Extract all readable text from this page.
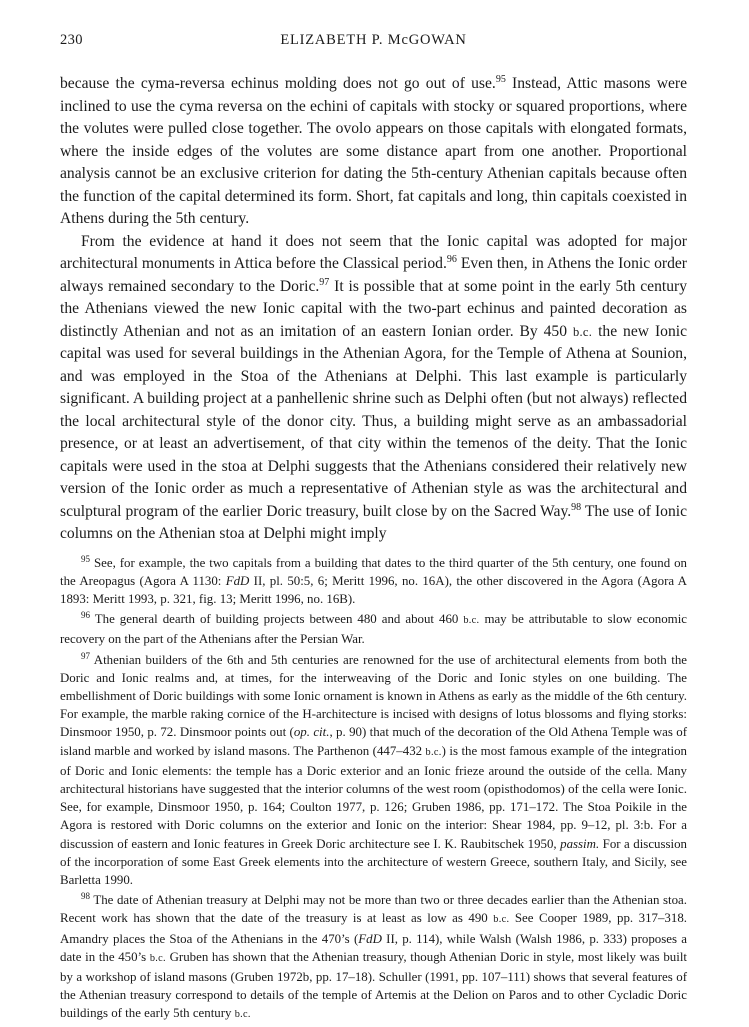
230	ELIZABETH P. McGOWAN

because the cyma-reversa echinus molding does not go out of use.$^{95}$ Instead, Attic masons were inclined to use the cyma reversa on the echini of capitals with stocky or squared proportions, where the volutes were pulled close together. The ovolo appears on those capitals with elongated formats, where the inside edges of the volutes are some distance apart from one another. Proportional analysis cannot be an exclusive criterion for dating the 5th-century Athenian capitals because often the function of the capital determined its form. Short, fat capitals and long, thin capitals coexisted in Athens during the 5th century.

From the evidence at hand it does not seem that the Ionic capital was adopted for major architectural monuments in Attica before the Classical period.$^{96}$ Even then, in Athens the Ionic order always remained secondary to the Doric.$^{97}$ It is possible that at some point in the early 5th century the Athenians viewed the new Ionic capital with the two-part echinus and painted decoration as distinctly Athenian and not as an imitation of an eastern Ionian order. By 450 b.c. the new Ionic capital was used for several buildings in the Athenian Agora, for the Temple of Athena at Sounion, and was employed in the Stoa of the Athenians at Delphi. This last example is particularly significant. A building project at a panhellenic shrine such as Delphi often (but not always) reflected the local architectural style of the donor city. Thus, a building might serve as an ambassadorial presence, or at least an advertisement, of that city within the temenos of the deity. That the Ionic capitals were used in the stoa at Delphi suggests that the Athenians considered their relatively new version of the Ionic order as much a representative of Athenian style as was the architectural and sculptural program of the earlier Doric treasury, built close by on the Sacred Way.$^{98}$ The use of Ionic columns on the Athenian stoa at Delphi might imply

$^{95}$ See, for example, the two capitals from a building that dates to the third quarter of the 5th century, one found on the Areopagus (Agora A 1130: FdD II, pl. 50:5, 6; Meritt 1996, no. 16A), the other discovered in the Agora (Agora A 1893: Meritt 1993, p. 321, fig. 13; Meritt 1996, no. 16B).

$^{96}$ The general dearth of building projects between 480 and about 460 b.c. may be attributable to slow economic recovery on the part of the Athenians after the Persian War.

$^{97}$ Athenian builders of the 6th and 5th centuries are renowned for the use of architectural elements from both the Doric and Ionic realms and, at times, for the interweaving of the Doric and Ionic styles on one building. The embellishment of Doric buildings with some Ionic ornament is known in Athens as early as the middle of the 6th century. For example, the marble raking cornice of the H-architecture is incised with designs of lotus blossoms and flying storks: Dinsmoor 1950, p. 72. Dinsmoor points out (op. cit., p. 90) that much of the decoration of the Old Athena Temple was of island marble and worked by island masons. The Parthenon (447–432 b.c.) is the most famous example of the integration of Doric and Ionic elements: the temple has a Doric exterior and an Ionic frieze around the outside of the cella. Many architectural historians have suggested that the interior columns of the west room (opisthodomos) of the cella were Ionic. See, for example, Dinsmoor 1950, p. 164; Coulton 1977, p. 126; Gruben 1986, pp. 171–172. The Stoa Poikile in the Agora is restored with Doric columns on the exterior and Ionic on the interior: Shear 1984, pp. 9–12, pl. 3:b. For a discussion of eastern and Ionic features in Greek Doric architecture see I. K. Raubitschek 1950, passim. For a discussion of the incorporation of some East Greek elements into the architecture of western Greece, southern Italy, and Sicily, see Barletta 1990.

$^{98}$ The date of Athenian treasury at Delphi may not be more than two or three decades earlier than the Athenian stoa. Recent work has shown that the date of the treasury is at least as low as 490 b.c. See Cooper 1989, pp. 317–318. Amandry places the Stoa of the Athenians in the 470’s (FdD II, p. 114), while Walsh (Walsh 1986, p. 333) proposes a date in the 450’s b.c. Gruben has shown that the Athenian treasury, though Athenian Doric in style, most likely was built by a workshop of island masons (Gruben 1972b, pp. 17–18). Schuller (1991, pp. 107–111) shows that several features of the Athenian treasury correspond to details of the temple of Artemis at the Delion on Paros and to other Cycladic Doric buildings of the early 5th century b.c.
